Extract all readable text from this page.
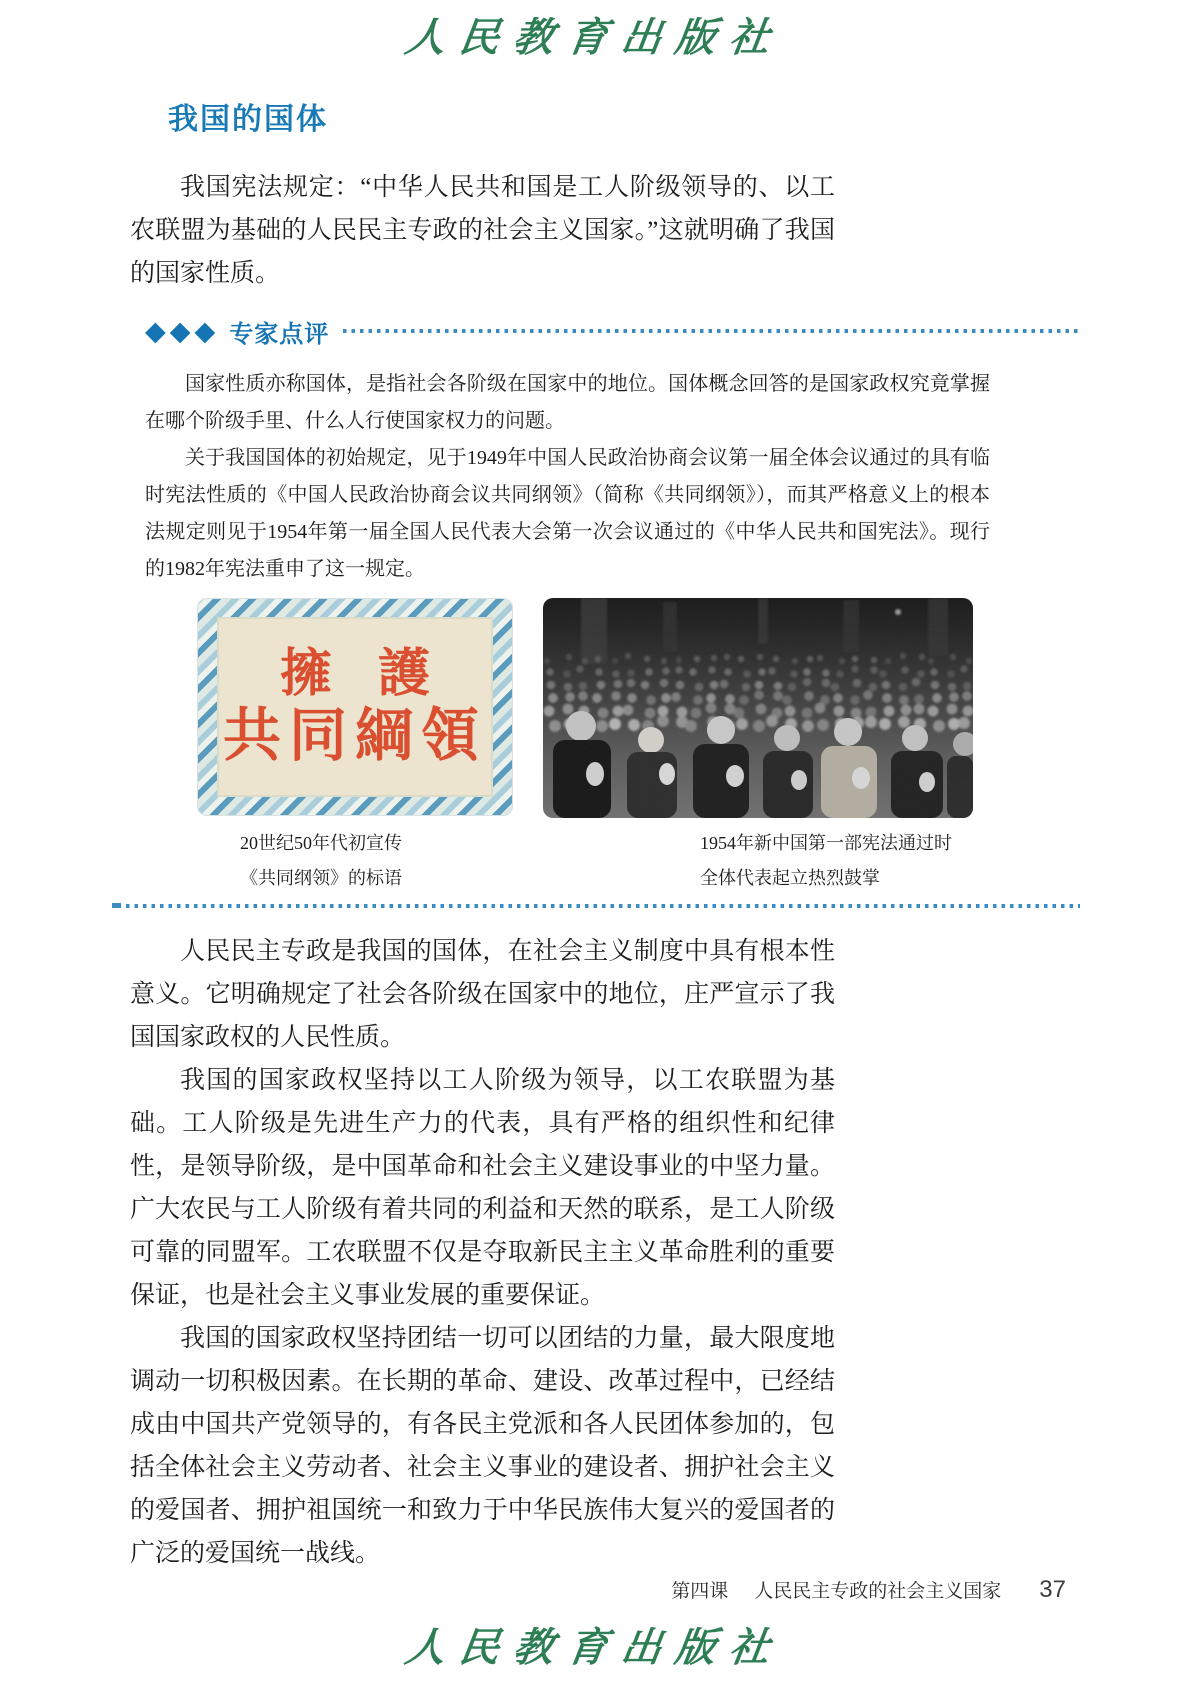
人民教育出版社
我国的国体

我国宪法规定：“中华人民共和国是工人阶级领导的、以工农联盟为基础的人民民主专政的社会主义国家。”这就明确了我国的国家性质。

◆ ◆ ◆ 专家点评

国家性质亦称国体，是指社会各阶级在国家中的地位。国体概念回答的是国家政权究竟掌握在哪个阶级手里、什么人行使国家权力的问题。

关于我国国体的初始规定，见于1949年中国人民政治协商会议第一届全体会议通过的具有临时宪法性质的《中国人民政治协商会议共同纲领》（简称《共同纲领》），而其严格意义上的根本法规定则见于1954年第一届全国人民代表大会第一次会议通过的《中华人民共和国宪法》。现行的1982年宪法重申了这一规定。

擁護
共同綱領
20世纪50年代初宣传
《共同纲领》的标语
1954年新中国第一部宪法通过时
全体代表起立热烈鼓掌

人民民主专政是我国的国体，在社会主义制度中具有根本性意义。它明确规定了社会各阶级在国家中的地位，庄严宣示了我国国家政权的人民性质。

我国的国家政权坚持以工人阶级为领导，以工农联盟为基础。工人阶级是先进生产力的代表，具有严格的组织性和纪律性，是领导阶级，是中国革命和社会主义建设事业的中坚力量。广大农民与工人阶级有着共同的利益和天然的联系，是工人阶级可靠的同盟军。工农联盟不仅是夺取新民主主义革命胜利的重要保证，也是社会主义事业发展的重要保证。

我国的国家政权坚持团结一切可以团结的力量，最大限度地调动一切积极因素。在长期的革命、建设、改革过程中，已经结成由中国共产党领导的，有各民主党派和各人民团体参加的，包括全体社会主义劳动者、社会主义事业的建设者、拥护社会主义的爱国者、拥护祖国统一和致力于中华民族伟大复兴的爱国者的广泛的爱国统一战线。

第四课 人民民主专政的社会主义国家 37
人民教育出版社
